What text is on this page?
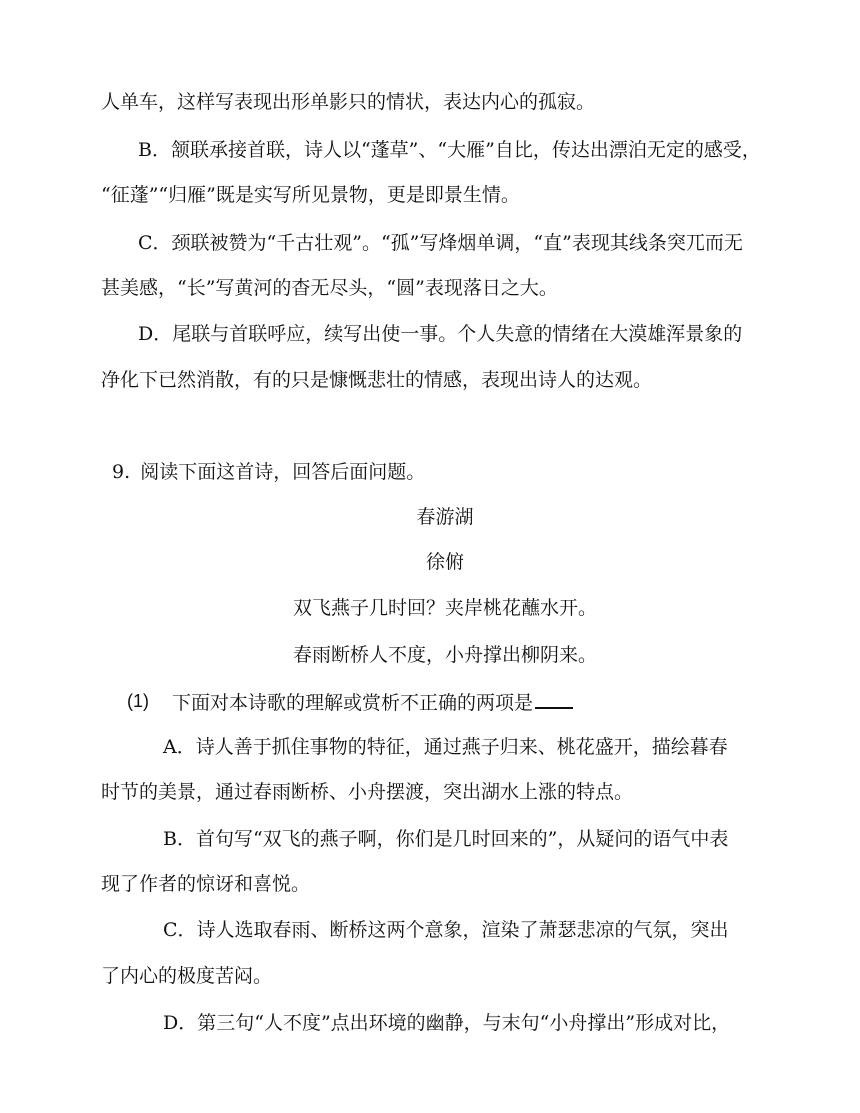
人单车，这样写表现出形单影只的情状，表达内心的孤寂。
B．颔联承接首联，诗人以“蓬草”、“大雁”自比，传达出漂泊无定的感受，
“征蓬”“归雁”既是实写所见景物，更是即景生情。
C．颈联被赞为“千古壮观”。“孤”写烽烟单调，“直”表现其线条突兀而无
甚美感，“长”写黄河的杳无尽头，“圆”表现落日之大。
D．尾联与首联呼应，续写出使一事。个人失意的情绪在大漠雄浑景象的
净化下已然消散，有的只是慷慨悲壮的情感，表现出诗人的达观。
9. 阅读下面这首诗，回答后面问题。
春游湖
徐俯
双飞燕子几时回？夹岸桃花蘸水开。
春雨断桥人不度，小舟撑出柳阴来。
(1) 下面对本诗歌的理解或赏析不正确的两项是
A．诗人善于抓住事物的特征，通过燕子归来、桃花盛开，描绘暮春
时节的美景，通过春雨断桥、小舟摆渡，突出湖水上涨的特点。
B．首句写“双飞的燕子啊，你们是几时回来的”，从疑问的语气中表
现了作者的惊讶和喜悦。
C．诗人选取春雨、断桥这两个意象，渲染了萧瑟悲凉的气氛，突出
了内心的极度苦闷。
D．第三句“人不度”点出环境的幽静，与末句“小舟撑出”形成对比，
